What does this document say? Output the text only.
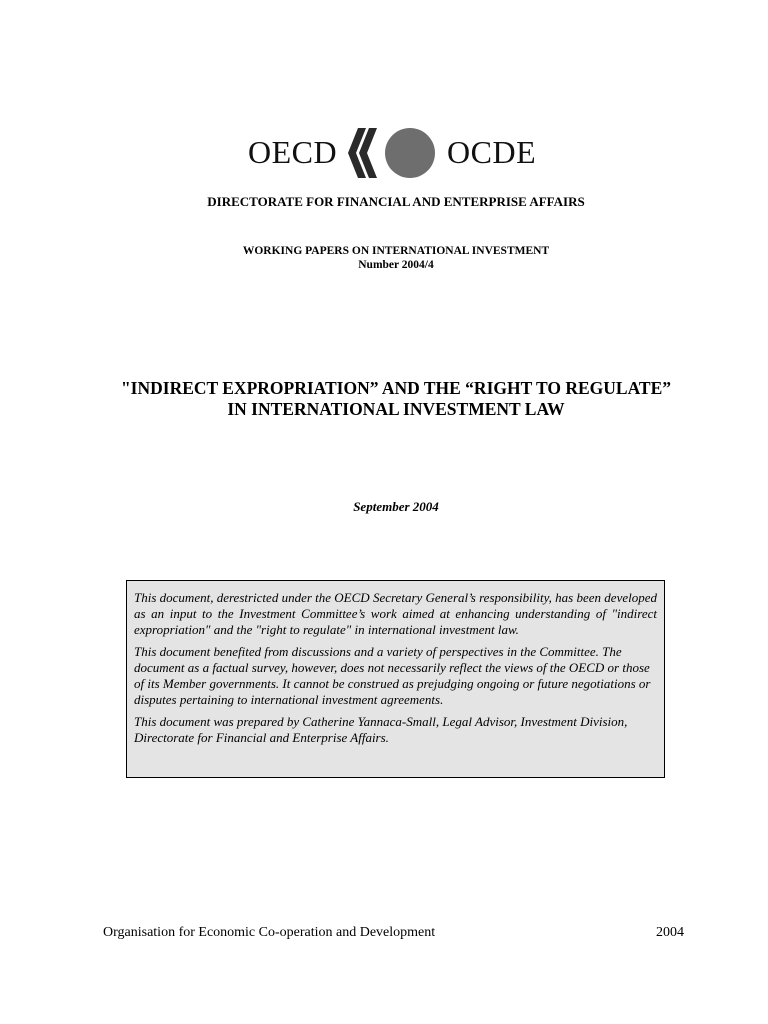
OECD	OCDE
DIRECTORATE FOR FINANCIAL AND ENTERPRISE AFFAIRS
WORKING PAPERS ON INTERNATIONAL INVESTMENT
Number 2004/4
"INDIRECT EXPROPRIATION” AND THE “RIGHT TO REGULATE”
IN INTERNATIONAL INVESTMENT LAW
September 2004

This document, derestricted under the OECD Secretary General’s responsibility, has been developed as an input to the Investment Committee’s work aimed at enhancing understanding of "indirect expropriation" and the "right to regulate" in international investment law.

This document benefited from discussions and a variety of perspectives in the Committee. The document as a factual survey, however, does not necessarily reflect the views of the OECD or those of its Member governments. It cannot be construed as prejudging ongoing or future negotiations or disputes pertaining to international investment agreements.

This document was prepared by Catherine Yannaca-Small, Legal Advisor, Investment Division, Directorate for Financial and Enterprise Affairs.

Organisation for Economic Co-operation and Development	2004
